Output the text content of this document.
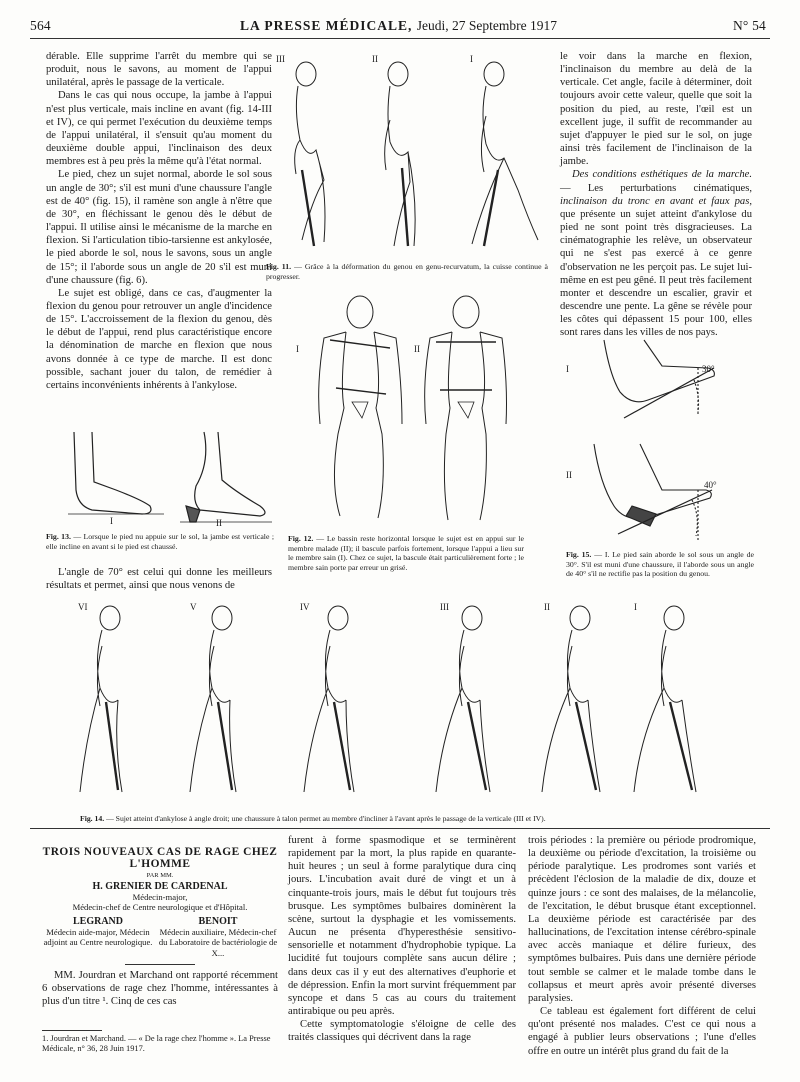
564	LA PRESSE MÉDICALE, Jeudi, 27 Septembre 1917	N° 54

dérable. Elle supprime l'arrêt du membre qui se produit, nous le savons, au moment de l'appui unilatéral, après le passage de la verticale.

Dans le cas qui nous occupe, la jambe à l'appui n'est plus verticale, mais incline en avant (fig. 14-III et IV), ce qui permet l'exécution du deuxième temps de l'appui unilatéral, il s'ensuit qu'au moment du deuxième double appui, l'inclinaison des deux membres est à peu près la même qu'à l'état normal.

Le pied, chez un sujet normal, aborde le sol sous un angle de 30°; s'il est muni d'une chaussure l'angle est de 40° (fig. 15), il ramène son angle à n'être que de 30°, en fléchissant le genou dès le début de l'appui. Il utilise ainsi le mécanisme de la marche en flexion. Si l'articulation tibio-tarsienne est ankylosée, le pied aborde le sol, nous le savons, sous un angle de 15°; il l'aborde sous un angle de 20 s'il est muni d'une chaussure (fig. 6).

Le sujet est obligé, dans ce cas, d'augmenter la flexion du genou pour retrouver un angle d'incidence de 15°. L'accroissement de la flexion du genou, dès le début de l'appui, rend plus caractéristique encore la dénomination de marche en flexion que nous avons donnée à ce type de marche. Il est donc possible, sachant jouer du talon, de remédier à certains inconvénients inhérents à l'ankylose.

I	II
Fig. 13. — Lorsque le pied nu appuie sur le sol, la jambe est verticale ; elle incline en avant si le pied est chaussé.

L'angle de 70° est celui qui donne les meilleurs résultats et permet, ainsi que nous venons de

III	II	I
Fig. 11. — Grâce à la déformation du genou en genu-recurvatum, la cuisse continue à progresser.
I	II
Fig. 12. — Le bassin reste horizontal lorsque le sujet est en appui sur le membre malade (II); il bascule parfois fortement, lorsque l'appui a lieu sur le membre sain (I). Chez ce sujet, la bascule était particulièrement forte ; le membre sain porte par erreur un grisé.

le voir dans la marche en flexion, l'inclinaison du membre au delà de la verticale. Cet angle, facile à déterminer, doit toujours avoir cette valeur, quelle que soit la position du pied, au reste, l'œil est un excellent juge, il suffit de recommander au sujet d'appuyer le pied sur le sol, on juge ainsi très facilement de l'inclinaison de la jambe.

Des conditions esthétiques de la marche. — Les perturbations cinématiques, inclinaison du tronc en avant et faux pas, que présente un sujet atteint d'ankylose du pied ne sont point très disgracieuses. La cinématographie les relève, un observateur qui ne s'est pas exercé à ce genre d'observation ne les perçoit pas. Le sujet lui-même en est peu gêné. Il peut très facilement monter et descendre un escalier, gravir et descendre une pente. La gêne se révèle pour les côtes qui dépassent 15 pour 100, elles sont rares dans les villes de nos pays.

I
II
30°
40°
Fig. 15. — I. Le pied sain aborde le sol sous un angle de 30°. S'il est muni d'une chaussure, il l'aborde sous un angle de 40° s'il ne rectifie pas la position du genou.
VI	V	IV	III	II	I
Fig. 14. — Sujet atteint d'ankylose à angle droit; une chaussure à talon permet au membre d'incliner à l'avant après le passage de la verticale (III et IV).
TROIS NOUVEAUX CAS DE RAGE CHEZ L'HOMME
PAR MM.
H. GRENIER DE CARDENAL
Médecin-major,
Médecin-chef de Centre neurologique et d'Hôpital.
LEGRAND
Médecin aide-major, Médecin adjoint au Centre neurologique.
BENOIT
Médecin auxiliaire, Médecin-chef du Laboratoire de bactériologie de X...

MM. Jourdran et Marchand ont rapporté récemment 6 observations de rage chez l'homme, intéressantes à plus d'un titre ¹. Cinq de ces cas

1. Jourdran et Marchand. — « De la rage chez l'homme ». La Presse Médicale, n° 36, 28 Juin 1917.

furent à forme spasmodique et se terminèrent rapidement par la mort, la plus rapide en quarante-huit heures ; un seul à forme paralytique dura cinq jours. L'incubation avait duré de vingt et un à cinquante-trois jours, mais le début fut toujours très brusque. Les symptômes bulbaires dominèrent la scène, surtout la dysphagie et les vomissements. Aucun ne présenta d'hyperesthésie sensitivo-sensorielle et notamment d'hydrophobie typique. La lucidité fut toujours complète sans aucun délire ; dans deux cas il y eut des alternatives d'euphorie et de dépression. Enfin la mort survint fréquemment par syncope et dans 5 cas au cours du traitement antirabique ou peu après.

Cette symptomatologie s'éloigne de celle des traités classiques qui décrivent dans la rage

trois périodes : la première ou période prodromique, la deuxième ou période d'excitation, la troisième ou période paralytique. Les prodromes sont variés et précèdent l'éclosion de la maladie de dix, douze et quinze jours : ce sont des malaises, de la mélancolie, de l'excitation, le début brusque étant exceptionnel. La deuxième période est caractérisée par des hallucinations, de l'excitation intense cérébro-spinale avec accès maniaque et délire furieux, des symptômes bulbaires. Puis dans une dernière période tout semble se calmer et le malade tombe dans le collapsus et meurt après avoir présenté diverses paralysies.

Ce tableau est également fort différent de celui qu'ont présenté nos malades. C'est ce qui nous a engagé à publier leurs observations ; l'une d'elles offre en outre un intérêt plus grand du fait de la
